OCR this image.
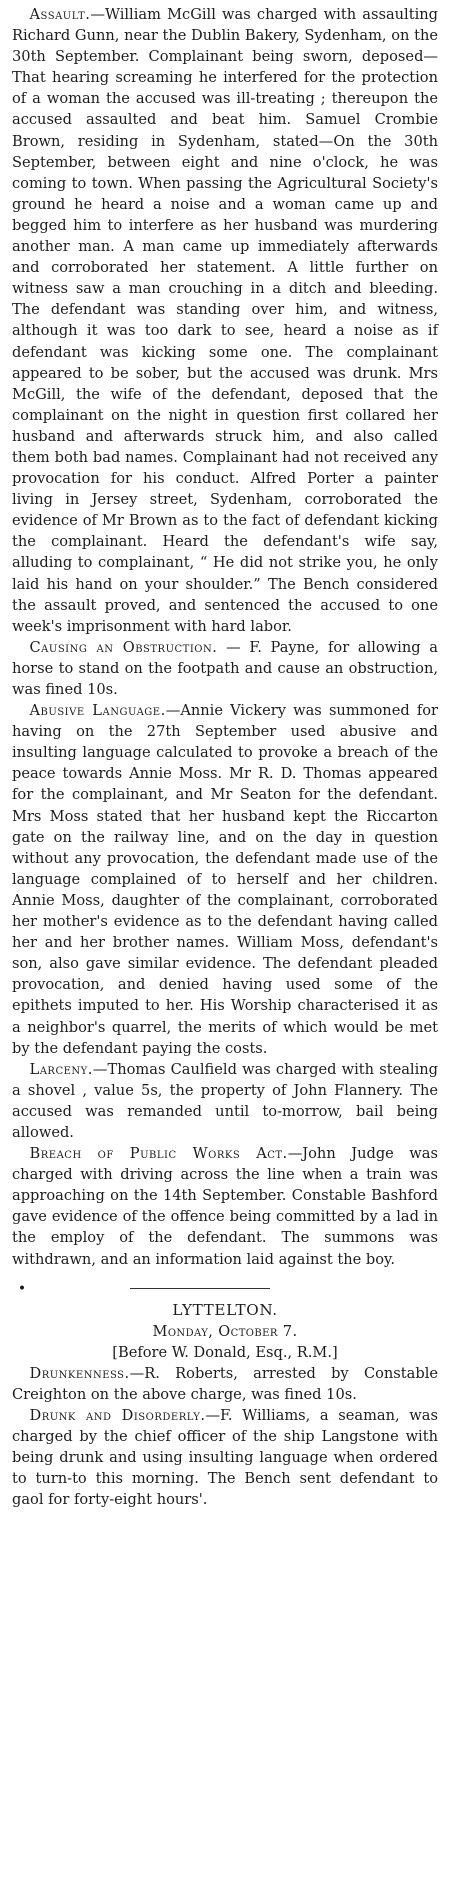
Assault.—William McGill was charged with assaulting Richard Gunn, near the Dublin Bakery, Sydenham, on the 30th September. Complainant being sworn, deposed—That hearing screaming he interfered for the protection of a woman the accused was ill-treating ; thereupon the accused assaulted and beat him. Samuel Crombie Brown, residing in Sydenham, stated—On the 30th September, between eight and nine o'clock, he was coming to town. When passing the Agricultural Society's ground he heard a noise and a woman came up and begged him to interfere as her husband was murdering another man. A man came up immediately afterwards and corroborated her statement. A little further on witness saw a man crouching in a ditch and bleeding. The defendant was standing over him, and witness, although it was too dark to see, heard a noise as if defendant was kicking some one. The complainant appeared to be sober, but the accused was drunk. Mrs McGill, the wife of the defendant, deposed that the complainant on the night in question first collared her husband and afterwards struck him, and also called them both bad names. Complainant had not received any provocation for his conduct. Alfred Porter a painter living in Jersey street, Sydenham, corroborated the evidence of Mr Brown as to the fact of defendant kicking the complainant. Heard the defendant's wife say, alluding to complainant, “ He did not strike you, he only laid his hand on your shoulder.” The Bench considered the assault proved, and sentenced the accused to one week's imprisonment with hard labor.

Causing an Obstruction. — F. Payne, for allowing a horse to stand on the footpath and cause an obstruction, was fined 10s.

Abusive Language.—Annie Vickery was summoned for having on the 27th September used abusive and insulting language calculated to provoke a breach of the peace towards Annie Moss. Mr R. D. Thomas appeared for the complainant, and Mr Seaton for the defendant. Mrs Moss stated that her husband kept the Riccarton gate on the railway line, and on the day in question without any provocation, the defendant made use of the language complained of to herself and her children. Annie Moss, daughter of the complainant, corroborated her mother's evidence as to the defendant having called her and her brother names. William Moss, defendant's son, also gave similar evidence. The defendant pleaded provocation, and denied having used some of the epithets imputed to her. His Worship characterised it as a neighbor's quarrel, the merits of which would be met by the defendant paying the costs.

Larceny.—Thomas Caulfield was charged with stealing a shovel , value 5s, the property of John Flannery. The accused was remanded until to-morrow, bail being allowed.

Breach of Public Works Act.—John Judge was charged with driving across the line when a train was approaching on the 14th September. Constable Bashford gave evidence of the offence being committed by a lad in the employ of the defendant. The summons was withdrawn, and an information laid against the boy.

•

LYTTELTON.

Monday, October 7.

[Before W. Donald, Esq., R.M.]

Drunkenness.—R. Roberts, arrested by Constable Creighton on the above charge, was fined 10s.

Drunk and Disorderly.—F. Williams, a seaman, was charged by the chief officer of the ship Langstone with being drunk and using insulting language when ordered to turn-to this morning. The Bench sent defendant to gaol for forty-eight hours'.
